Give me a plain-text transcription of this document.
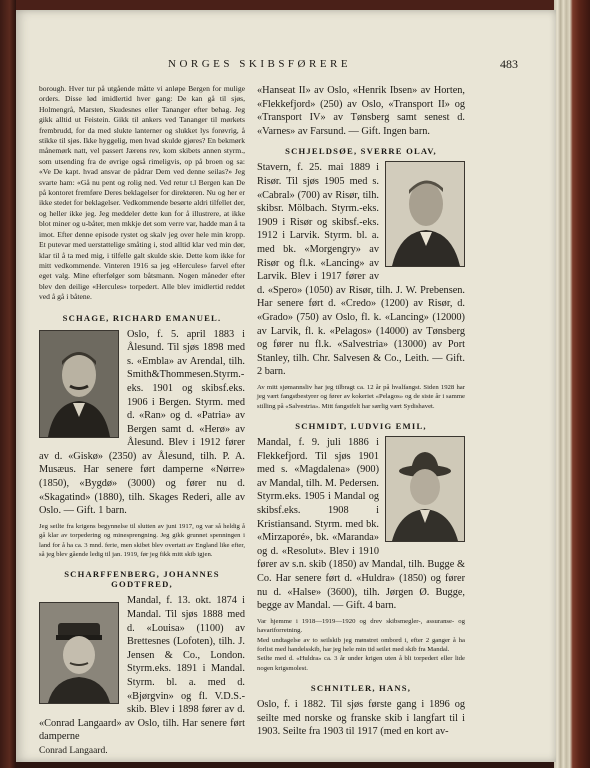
NORGES SKIBSFØRERE	483

borough. Hver tur på utgående måtte vi anløpe Bergen for mulige orders. Disse lød imidlertid hver gang: De kan gå til sjøs, Holmengrå, Marsten, Skudesnes eller Tananger efter behag. Jeg gikk alltid ut Feistein. Gikk til ankers ved Tananger til mørkets frembrudd, for da med slukte lanterner og slukket lys forøvrig, å stikke til sjøs. Ikke hyggelig, men hvad skulde gjøres? En bekmørk månemørk natt, vel passert Jærens rev, kom skibets annen styrm., som utsending fra de øvrige også rimeligvis, op på broen og sa: «Ve De kapt. hvad ansvar de pådrar Dem ved denne seilas?» Jeg svarte ham: «Gå nu pent og rolig ned. Ved retur t.l Bergen kan De på kontoret fremføre Deres beklagelser for direktøren. Nu og her er ikke stedet for beklagelser. Vedkommende besørte aldri tilfellet der, og heller ikke jeg. Jeg meddeler dette kun for å illustrere, at ikke blot miner og u-båter, men mkkje det som verre var, hadde man å ta imot. Efter denne episode rystet og skalv jeg over hele min kropp. Et putevar med uerstattelige småting i, stod alltid klar ved min dør, klar til å ta med mig, i tilfelle galt skulde skie. Dette kom ikke for mitt vedkommende. Vinteren 1916 sa jeg «Hercules» farvel efter eget valg. Mine efterfølger som båtsmann. Nogen måneder efter blev den deilige «Hercules» torpedert. Alle blev imidlertid reddet ved å gå i båtene.

SCHAGE, RICHARD EMANUEL.
Oslo, f. 5. april 1883 i Ålesund. Til sjøs 1898 med s. «Embla» av Arendal, tilh. Smith&Thommesen.Styrm.-eks. 1901 og skibsf.eks. 1906 i Bergen. Styrm. med d. «Ran» og d. «Patria» av Bergen samt d. «Herø» av Ålesund. Blev i 1912 fører av d. «Giskø» (2350) av Ålesund, tilh. P. A. Musæus. Har senere ført damperne «Nørre» (1850), «Bygdø» (3000) og fører nu d. «Skagatind» (1880), tilh. Skages Rederi, alle av Oslo. — Gift. 1 barn.
Jeg seilte fra krigens begynnelse til slutten av juni 1917, og var så heldig å gå klar av torpedering og minesprengning. Jeg gikk grunnet spenningen i land for å ha ca. 3 mnd. ferie, men skibet blev overtatt av England like efter, så jeg blev gående ledig til jan. 1919, før jeg fikk mitt skib igjen.
SCHARFFENBERG, JOHANNES GODTFRED,
Mandal, f. 13. okt. 1874 i Mandal. Til sjøs 1888 med d. «Louisa» (1100) av Brettesnes (Lofoten), tilh. J. Jensen & Co., London. Styrm.eks. 1891 i Mandal. Styrm. bl. a. med d. «Bjørgvin» og fl. V.D.S.-skib. Blev i 1898 fører av d. «Conrad Langaard» av Oslo, tilh. Har senere ført damperne
Conrad Langaard.
«Hanseat II» av Oslo, «Henrik Ibsen» av Horten, «Flekkefjord» (250) av Oslo, «Transport II» og «Transport IV» av Tønsberg samt senest d. «Varnes» av Farsund. — Gift. Ingen barn.
SCHJELDSØE, SVERRE OLAV,
Stavern, f. 25. mai 1889 i Risør. Til sjøs 1905 med s. «Cabral» (700) av Risør, tilh. skibsr. Mölbach. Styrm.-eks. 1909 i Risør og skibsf.-eks. 1912 i Larvik. Styrm. bl. a. med bk. «Morgengry» av Risør og fl.k. «Lancing» av Larvik. Blev i 1917 fører av d. «Spero» (1050) av Risør, tilh. J. W. Prebensen. Har senere ført d. «Credo» (1200) av Risør, d. «Grado» (750) av Oslo, fl. k. «Lancing» (12000) av Larvik, fl. k. «Pelagos» (14000) av Tønsberg og fører nu fl.k. «Salvestria» (13000) av Port Stanley, tilh. Chr. Salvesen & Co., Leith. — Gift. 2 barn.
Av mitt sjømannsliv har jeg tilbragt ca. 12 år på hvalfangst. Siden 1928 har jeg vært fangstbestyrer og fører av kokeriet «Pelagos» og de siste år i samme stilling på «Salvestria». Mitt fangstfelt har særlig vært Sydishavet.
SCHMIDT, LUDVIG EMIL,
Mandal, f. 9. juli 1886 i Flekkefjord. Til sjøs 1901 med s. «Magdalena» (900) av Mandal, tilh. M. Pedersen. Styrm.eks. 1905 i Mandal og skibsf.eks. 1908 i Kristiansand. Styrm. med bk. «Mirzaporé», bk. «Maranda» og d. «Resolut». Blev i 1910 fører av s.n. skib (1850) av Mandal, tilh. Bugge & Co. Har senere ført d. «Huldra» (1850) og fører nu d. «Halse» (3600), tilh. Jørgen Ø. Bugge, begge av Mandal. — Gift. 4 barn.

Var hjemme i 1918—1919—1920 og drev skibsmegler-, assuranse- og havariforretning.

Med undtagelse av to seilskib jeg mønstret ombord i, efter 2 ganger å ha forlist med handelsskib, har jeg hele min tid seilet med skib fra Mandal.

Seilte med d. «Huldra» ca. 3 år under krigen uten å bli torpedert eller lide nogen krigsmolest.

SCHNITLER, HANS,
Oslo, f. i 1882. Til sjøs første gang i 1896 og seilte med norske og franske skib i langfart til i 1903. Seilte fra 1903 til 1917 (med en kort av-
